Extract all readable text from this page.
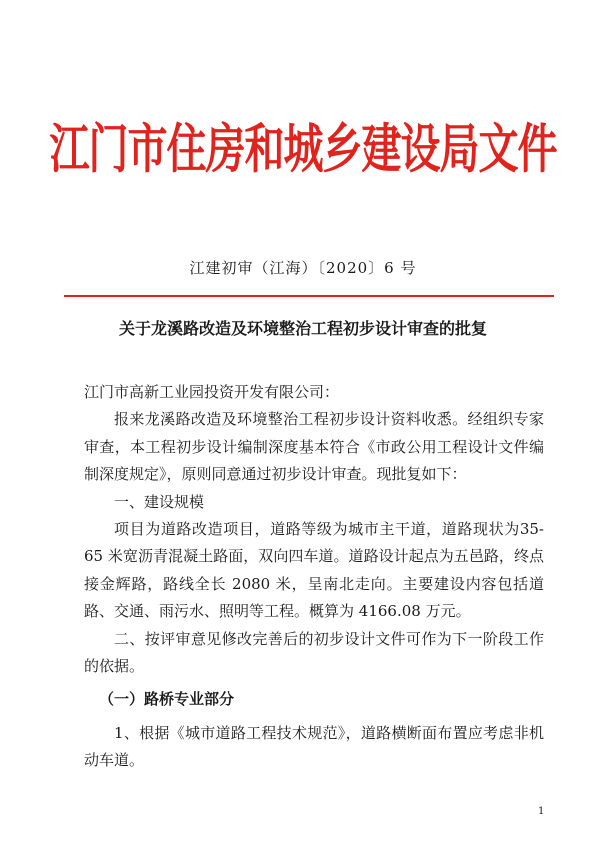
江门市住房和城乡建设局文件
江建初审（江海）〔2020〕6 号
关于龙溪路改造及环境整治工程初步设计审查的批复

江门市高新工业园投资开发有限公司：

报来龙溪路改造及环境整治工程初步设计资料收悉。经组织专家审查，本工程初步设计编制深度基本符合《市政公用工程设计文件编制深度规定》，原则同意通过初步设计审查。现批复如下：

一、建设规模

项目为道路改造项目，道路等级为城市主干道，道路现状为35-65 米宽沥青混凝土路面，双向四车道。道路设计起点为五邑路，终点接金辉路，路线全长 2080 米，呈南北走向。主要建设内容包括道路、交通、雨污水、照明等工程。概算为 4166.08 万元。

二、按评审意见修改完善后的初步设计文件可作为下一阶段工作的依据。

（一）路桥专业部分

1、根据《城市道路工程技术规范》，道路横断面布置应考虑非机动车道。

1
